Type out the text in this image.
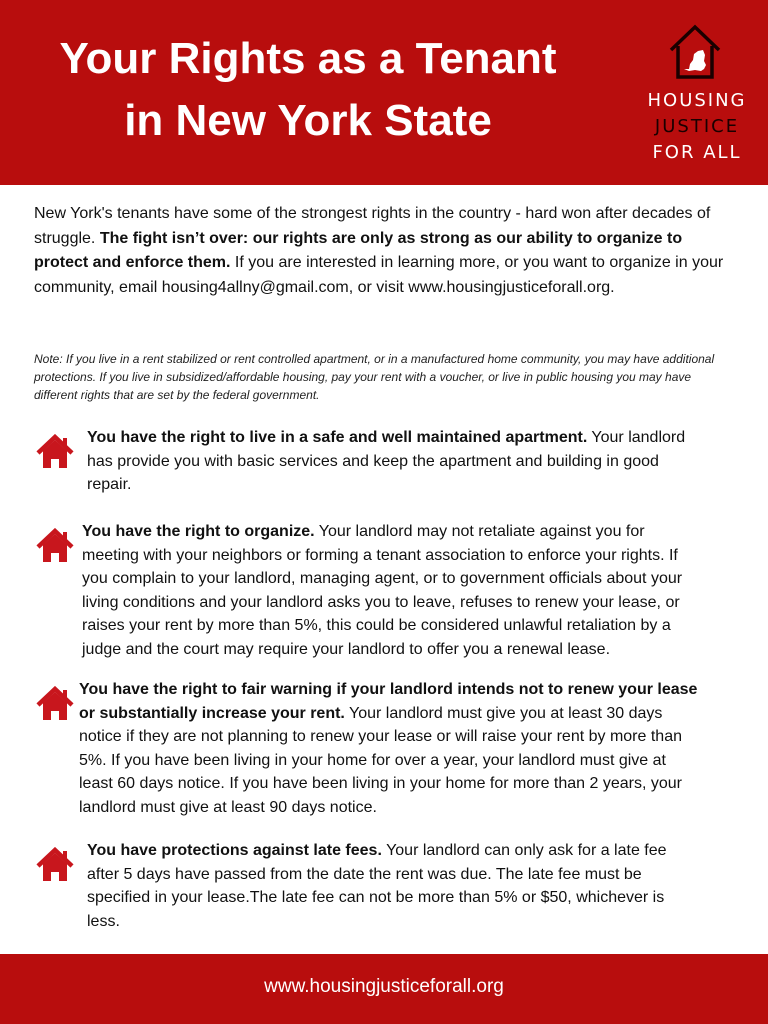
Your Rights as a Tenant
in New York State	HOUSING
JUSTICE
FOR ALL

New York's tenants have some of the strongest rights in the country - hard won after decades of struggle. The fight isn’t over: our rights are only as strong as our ability to organize to protect and enforce them. If you are interested in learning more, or you want to organize in your community, email housing4allny@gmail.com, or visit www.housingjusticeforall.org.

Note: If you live in a rent stabilized or rent controlled apartment, or in a manufactured home community, you may have additional protections. If you live in subsidized/affordable housing, pay your rent with a voucher, or live in public housing you may have different rights that are set by the federal government.

You have the right to live in a safe and well maintained apartment. Your landlord has provide you with basic services and keep the apartment and building in good repair.
You have the right to organize. Your landlord may not retaliate against you for meeting with your neighbors or forming a tenant association to enforce your rights. If you complain to your landlord, managing agent, or to government officials about your living conditions and your landlord asks you to leave, refuses to renew your lease, or raises your rent by more than 5%, this could be considered unlawful retaliation by a judge and the court may require your landlord to offer you a renewal lease.
You have the right to fair warning if your landlord intends not to renew your lease or substantially increase your rent. Your landlord must give you at least 30 days notice if they are not planning to renew your lease or will raise your rent by more than 5%. If you have been living in your home for over a year, your landlord must give at least 60 days notice. If you have been living in your home for more than 2 years, your landlord must give at least 90 days notice.
You have protections against late fees. Your landlord can only ask for a late fee after 5 days have passed from the date the rent was due. The late fee must be specified in your lease.The late fee can not be more than 5% or $50, whichever is less.
www.housingjusticeforall.org
